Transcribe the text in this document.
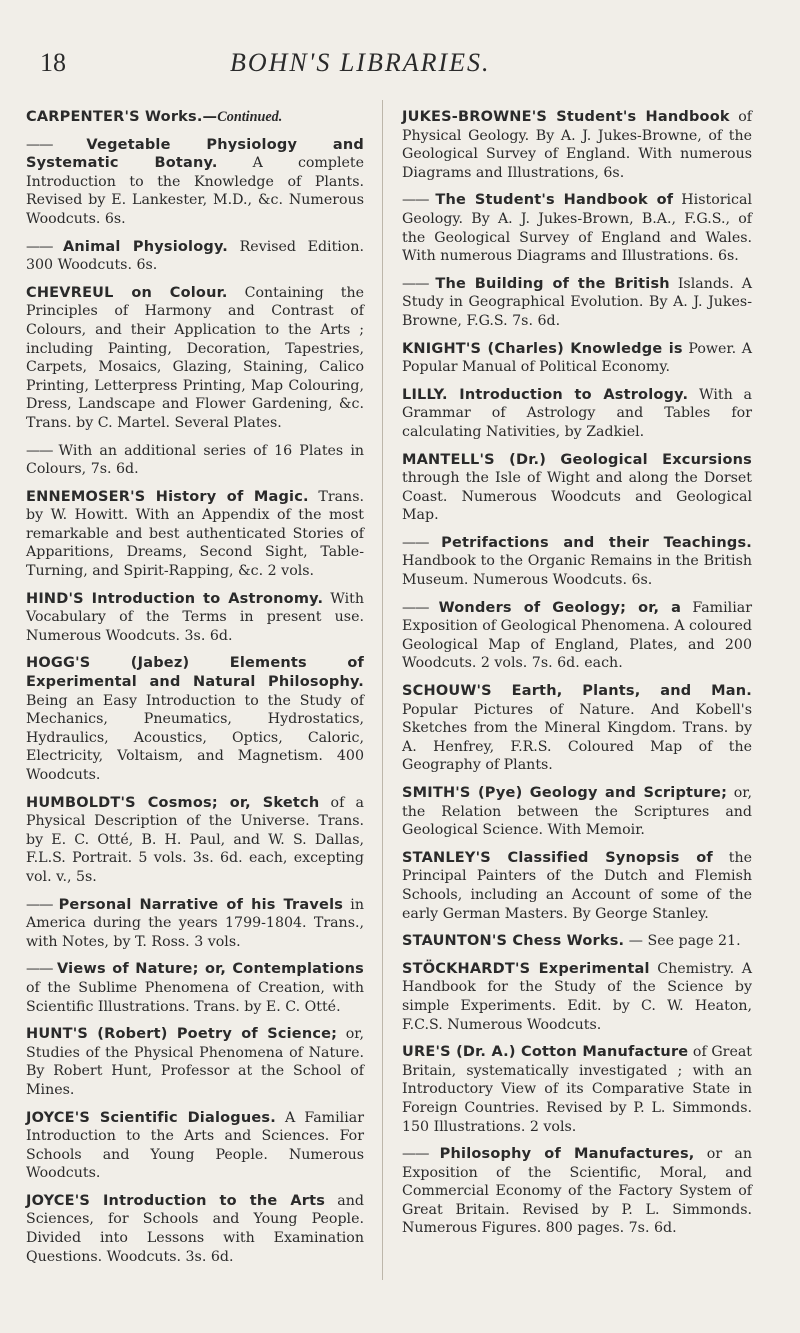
18	BOHN'S LIBRARIES.

CARPENTER'S Works.—Continued.

—— Vegetable Physiology and Systematic Botany. A complete Introduction to the Knowledge of Plants. Revised by E. Lankester, M.D., &c. Numerous Woodcuts. 6s.

—— Animal Physiology. Revised Edition. 300 Woodcuts. 6s.

CHEVREUL on Colour. Containing the Principles of Harmony and Contrast of Colours, and their Application to the Arts ; including Painting, Decoration, Tapestries, Carpets, Mosaics, Glazing, Staining, Calico Printing, Letterpress Printing, Map Colouring, Dress, Landscape and Flower Gardening, &c. Trans. by C. Martel. Several Plates.

—— With an additional series of 16 Plates in Colours, 7s. 6d.

ENNEMOSER'S History of Magic. Trans. by W. Howitt. With an Appendix of the most remarkable and best authenticated Stories of Apparitions, Dreams, Second Sight, Table-Turning, and Spirit-Rapping, &c. 2 vols.

HIND'S Introduction to Astronomy. With Vocabulary of the Terms in present use. Numerous Woodcuts. 3s. 6d.

HOGG'S (Jabez) Elements of Experimental and Natural Philosophy. Being an Easy Introduction to the Study of Mechanics, Pneumatics, Hydrostatics, Hydraulics, Acoustics, Optics, Caloric, Electricity, Voltaism, and Magnetism. 400 Woodcuts.

HUMBOLDT'S Cosmos; or, Sketch of a Physical Description of the Universe. Trans. by E. C. Otté, B. H. Paul, and W. S. Dallas, F.L.S. Portrait. 5 vols. 3s. 6d. each, excepting vol. v., 5s.

—— Personal Narrative of his Travels in America during the years 1799-1804. Trans., with Notes, by T. Ross. 3 vols.

—— Views of Nature; or, Contemplations of the Sublime Phenomena of Creation, with Scientific Illustrations. Trans. by E. C. Otté.

HUNT'S (Robert) Poetry of Science; or, Studies of the Physical Phenomena of Nature. By Robert Hunt, Professor at the School of Mines.

JOYCE'S Scientific Dialogues. A Familiar Introduction to the Arts and Sciences. For Schools and Young People. Numerous Woodcuts.

JOYCE'S Introduction to the Arts and Sciences, for Schools and Young People. Divided into Lessons with Examination Questions. Woodcuts. 3s. 6d.

JUKES-BROWNE'S Student's Handbook of Physical Geology. By A. J. Jukes-Browne, of the Geological Survey of England. With numerous Diagrams and Illustrations, 6s.

—— The Student's Handbook of Historical Geology. By A. J. Jukes-Brown, B.A., F.G.S., of the Geological Survey of England and Wales. With numerous Diagrams and Illustrations. 6s.

—— The Building of the British Islands. A Study in Geographical Evolution. By A. J. Jukes-Browne, F.G.S. 7s. 6d.

KNIGHT'S (Charles) Knowledge is Power. A Popular Manual of Political Economy.

LILLY. Introduction to Astrology. With a Grammar of Astrology and Tables for calculating Nativities, by Zadkiel.

MANTELL'S (Dr.) Geological Excursions through the Isle of Wight and along the Dorset Coast. Numerous Woodcuts and Geological Map.

—— Petrifactions and their Teachings. Handbook to the Organic Remains in the British Museum. Numerous Woodcuts. 6s.

—— Wonders of Geology; or, a Familiar Exposition of Geological Phenomena. A coloured Geological Map of England, Plates, and 200 Woodcuts. 2 vols. 7s. 6d. each.

SCHOUW'S Earth, Plants, and Man. Popular Pictures of Nature. And Kobell's Sketches from the Mineral Kingdom. Trans. by A. Henfrey, F.R.S. Coloured Map of the Geography of Plants.

SMITH'S (Pye) Geology and Scripture; or, the Relation between the Scriptures and Geological Science. With Memoir.

STANLEY'S Classified Synopsis of the Principal Painters of the Dutch and Flemish Schools, including an Account of some of the early German Masters. By George Stanley.

STAUNTON'S Chess Works. — See page 21.

STÖCKHARDT'S Experimental Chemistry. A Handbook for the Study of the Science by simple Experiments. Edit. by C. W. Heaton, F.C.S. Numerous Woodcuts.

URE'S (Dr. A.) Cotton Manufacture of Great Britain, systematically investigated ; with an Introductory View of its Comparative State in Foreign Countries. Revised by P. L. Simmonds. 150 Illustrations. 2 vols.

—— Philosophy of Manufactures, or an Exposition of the Scientific, Moral, and Commercial Economy of the Factory System of Great Britain. Revised by P. L. Simmonds. Numerous Figures. 800 pages. 7s. 6d.
